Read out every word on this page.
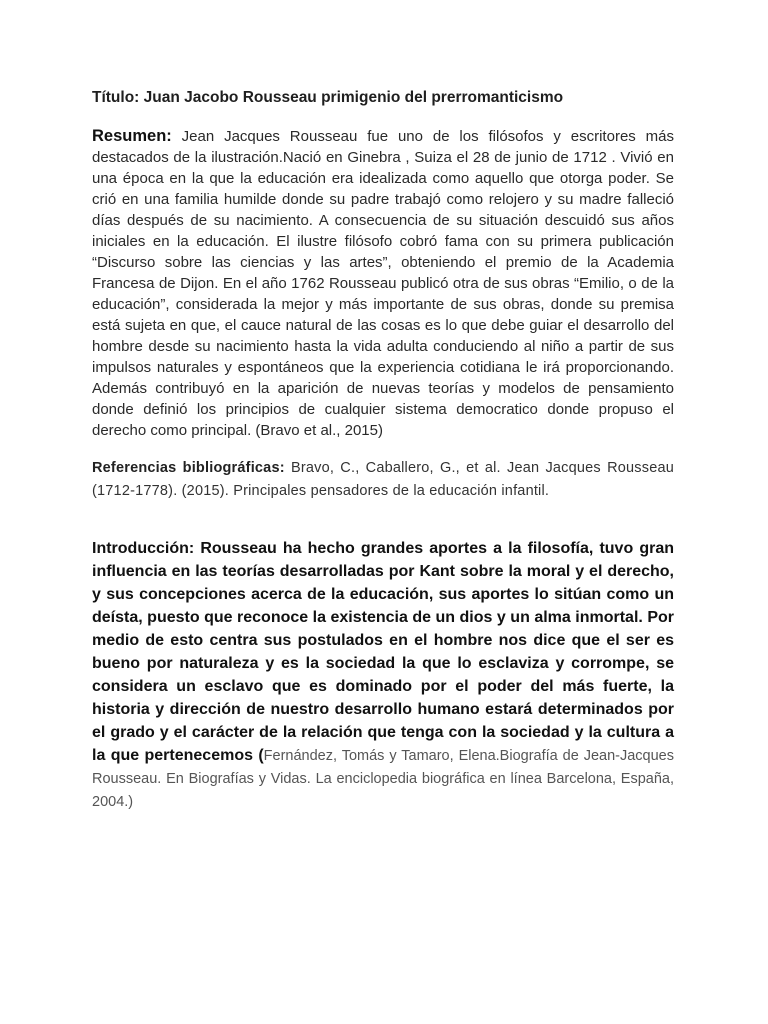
Título: Juan Jacobo Rousseau primigenio del prerromanticismo

Resumen: Jean Jacques Rousseau fue uno de los filósofos y escritores más destacados de la ilustración.Nació en Ginebra , Suiza el 28 de junio de 1712 . Vivió en una época en la que la educación era idealizada como aquello que otorga poder. Se crió en una familia humilde donde su padre trabajó como relojero y su madre falleció días después de su nacimiento. A consecuencia de su situación descuidó sus años iniciales en la educación. El ilustre filósofo cobró fama con su primera publicación “Discurso sobre las ciencias y las artes”, obteniendo el premio de la Academia Francesa de Dijon. En el año 1762 Rousseau publicó otra de sus obras “Emilio, o de la educación”, considerada la mejor y más importante de sus obras, donde su premisa está sujeta en que, el cauce natural de las cosas es lo que debe guiar el desarrollo del hombre desde su nacimiento hasta la vida adulta conduciendo al niño a partir de sus impulsos naturales y espontáneos que la experiencia cotidiana le irá proporcionando. Además contribuyó en la aparición de nuevas teorías y modelos de pensamiento donde definió los principios de cualquier sistema democratico donde propuso el derecho como principal. (Bravo et al., 2015)

Referencias bibliográficas: Bravo, C., Caballero, G., et al. Jean Jacques Rousseau (1712-1778). (2015). Principales pensadores de la educación infantil.

Introducción: Rousseau ha hecho grandes aportes a la filosofía, tuvo gran influencia en las teorías desarrolladas por Kant sobre la moral y el derecho, y sus concepciones acerca de la educación, sus aportes lo sitúan como un deísta, puesto que reconoce la existencia de un dios y un alma inmortal. Por medio de esto centra sus postulados en el hombre nos dice que el ser es bueno por naturaleza y es la sociedad la que lo esclaviza y corrompe, se considera un esclavo que es dominado por el poder del más fuerte, la historia y dirección de nuestro desarrollo humano estará determinados por el grado y el carácter de la relación que tenga con la sociedad y la cultura a la que pertenecemos (Fernández, Tomás y Tamaro, Elena.Biografía de Jean-Jacques Rousseau. En Biografías y Vidas. La enciclopedia biográfica en línea Barcelona, España, 2004.)
